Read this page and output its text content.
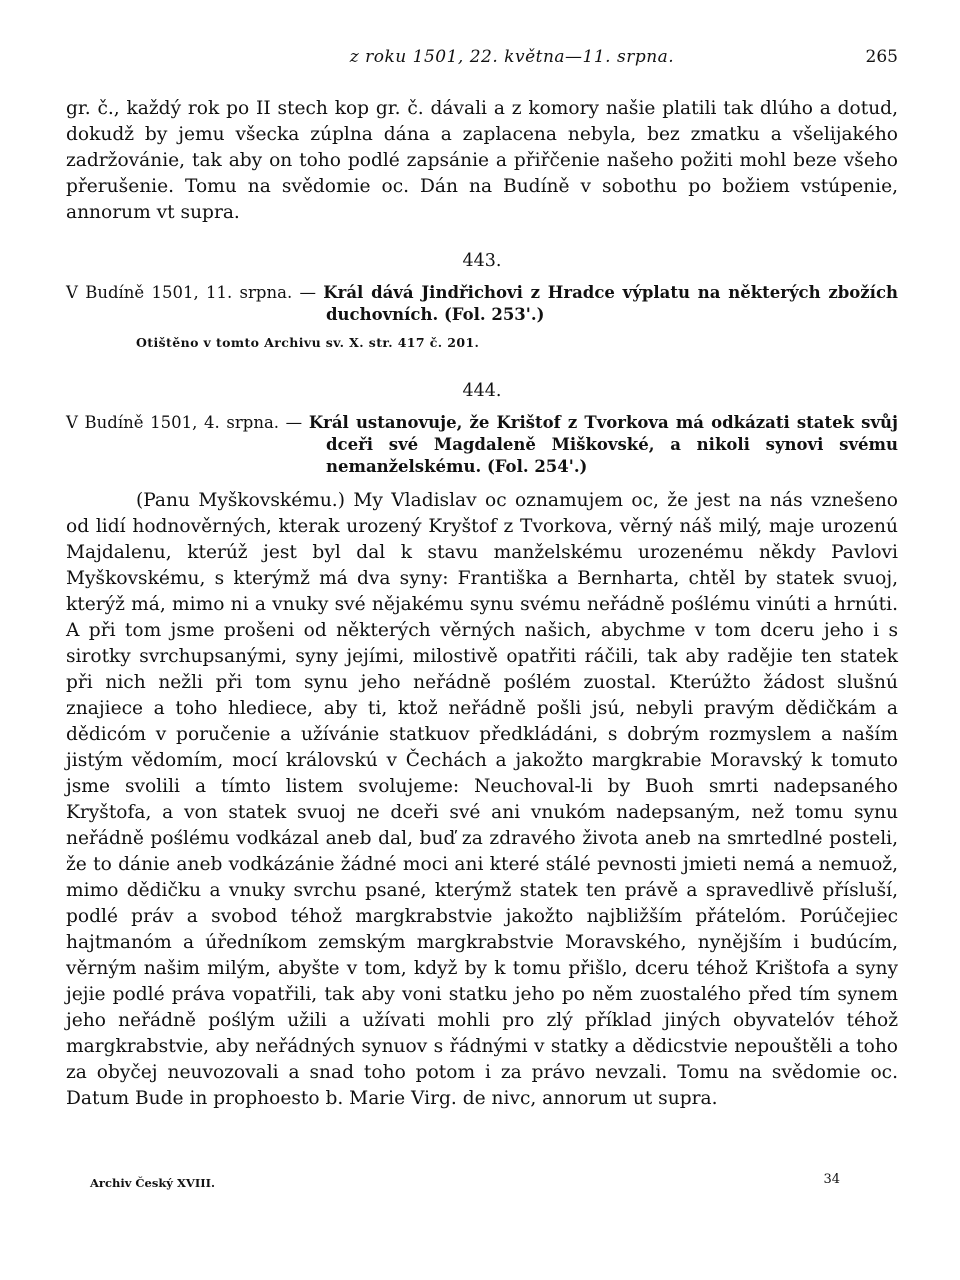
z roku 1501, 22. května—11. srpna.	265

gr. č., každý rok po II stech kop gr. č. dávali a z komory našie platili tak dlúho a dotud, dokudž by jemu všecka zúplna dána a zaplacena nebyla, bez zmatku a všelijakého zadržovánie, tak aby on toho podlé zapsánie a přiřčenie našeho požiti mohl beze všeho přerušenie. Tomu na svědomie oc. Dán na Budíně v sobothu po božiem vstúpenie, annorum vt supra.

443.

V Budíně 1501, 11. srpna. — Král dává Jindřichovi z Hradce výplatu na některých zbožích duchovních. (Fol. 253'.)

Otištěno v tomto Archivu sv. X. str. 417 č. 201.
444.

V Budíně 1501, 4. srpna. — Král ustanovuje, že Krištof z Tvorkova má odkázati statek svůj dceři své Magdaleně Miškovské, a nikoli synovi svému nemanželskému. (Fol. 254'.)

(Panu Myškovskému.) My Vladislav oc oznamujem oc, že jest na nás vznešeno od lidí hodnověrných, kterak urozený Kryštof z Tvorkova, věrný náš milý, maje urozenú Majdalenu, kterúž jest byl dal k stavu manželskému urozenému někdy Pavlovi Myškovskému, s kterýmž má dva syny: Františka a Bernharta, chtěl by statek svuoj, kterýž má, mimo ni a vnuky své nějakému synu svému neřádně poślému vinúti a hrnúti. A při tom jsme prošeni od některých věrných našich, abychme v tom dceru jeho i s sirotky svrchupsanými, syny jejími, milostivě opatřiti ráčili, tak aby radějie ten statek při nich nežli při tom synu jeho neřádně poślém zuostal. Kterúžto žádost slušnú znajiece a toho hlediece, aby ti, ktož neřádně pošli jsú, nebyli pravým dědičkám a dědicóm v poručenie a užívánie statkuov předkládáni, s dobrým rozmyslem a naším jistým vědomím, mocí královskú v Čechách a jakožto margkrabie Moravský k tomuto jsme svolili a tímto listem svolujeme: Neuchoval-li by Buoh smrti nadepsaného Kryštofa, a von statek svuoj ne dceři své ani vnukóm nadepsaným, než tomu synu neřádně poślému vodkázal aneb dal, buď za zdravého života aneb na smrtedlné posteli, že to dánie aneb vodkázánie žádné moci ani které stálé pevnosti jmieti nemá a nemuož, mimo dědičku a vnuky svrchu psané, kterýmž statek ten právě a spravedlivě přísluší, podlé práv a svobod téhož margkrabstvie jakožto najbližším přátelóm. Porúčejiec hajtmanóm a úředníkom zemským margkrabstvie Moravského, nynějším i budúcím, věrným našim milým, abyšte v tom, když by k tomu přišlo, dceru téhož Krištofa a syny jejie podlé práva vopatřili, tak aby voni statku jeho po něm zuostalého před tím synem jeho neřádně poślým užili a užívati mohli pro zlý příklad jiných obyvatelóv téhož margkrabstvie, aby neřádných synuov s řádnými v statky a dědicstvie nepouštěli a toho za obyčej neuvozovali a snad toho potom i za právo nevzali. Tomu na svědomie oc. Datum Bude in prophoesto b. Marie Virg. de nivc, annorum ut supra.

Archiv Český XVIII.	34
